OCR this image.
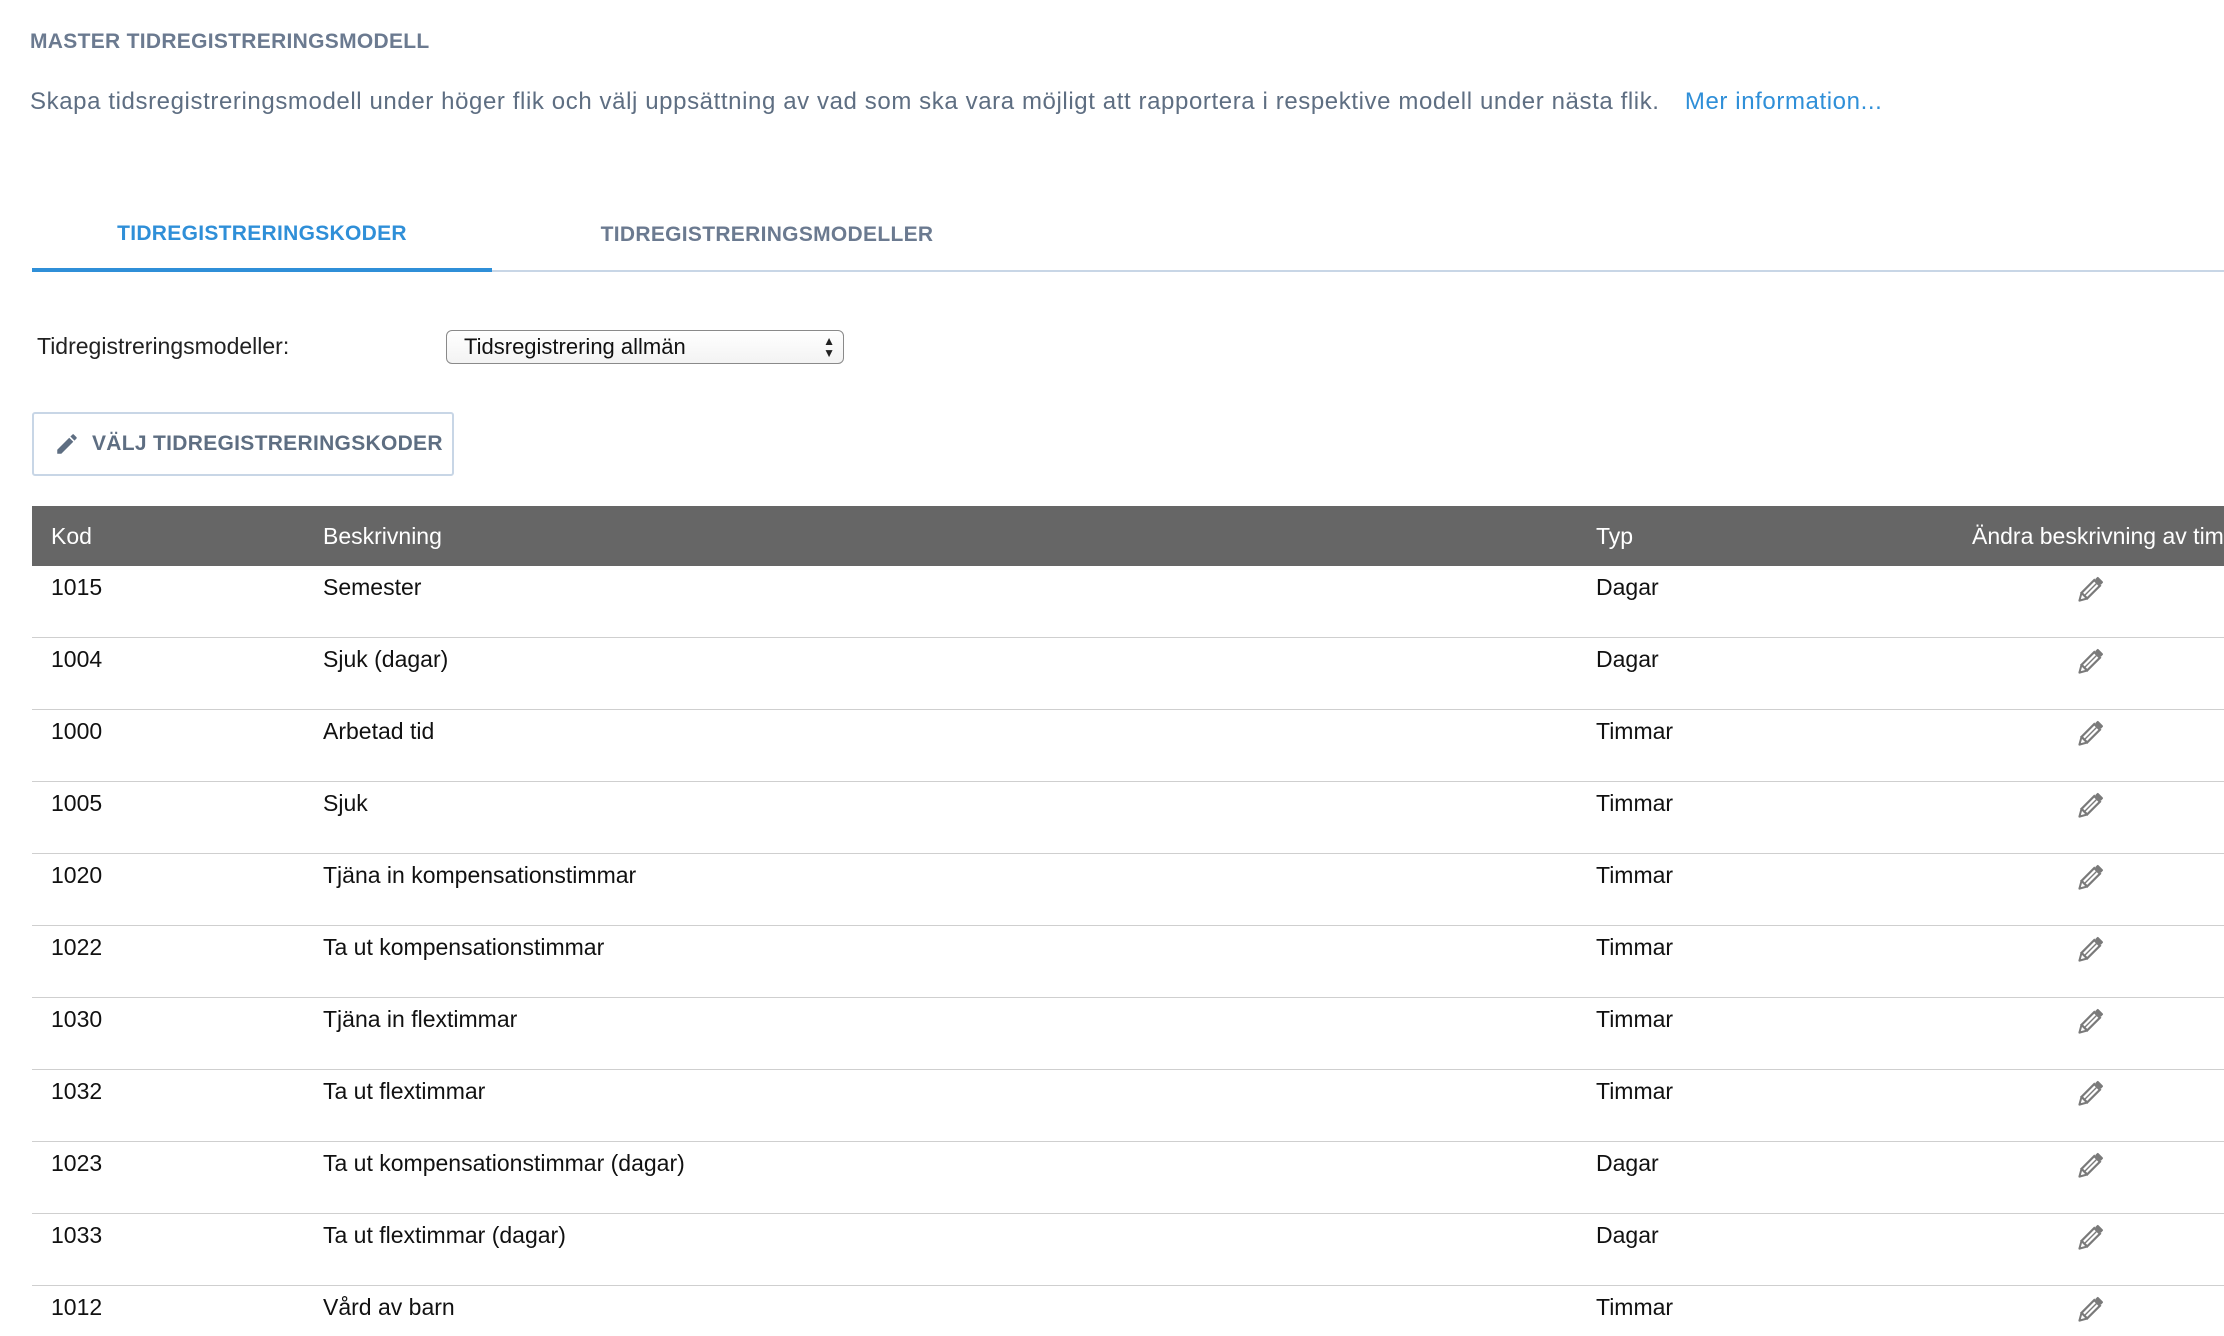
MASTER TIDREGISTRERINGSMODELL
Skapa tidsregistreringsmodell under höger flik och välj uppsättning av vad som ska vara möjligt att rapportera i respektive modell under nästa flik. Mer information...
TIDREGISTRERINGSKODER	TIDREGISTRERINGSMODELLER
Tidregistreringsmodeller:	Tidsregistrering allmän	▲
▼
VÄLJ TIDREGISTRERINGSKODER
Kod	Beskrivning	Typ	Ändra beskrivning av tim
1015	Semester	Dagar
1004	Sjuk (dagar)	Dagar
1000	Arbetad tid	Timmar
1005	Sjuk	Timmar
1020	Tjäna in kompensationstimmar	Timmar
1022	Ta ut kompensationstimmar	Timmar
1030	Tjäna in flextimmar	Timmar
1032	Ta ut flextimmar	Timmar
1023	Ta ut kompensationstimmar (dagar)	Dagar
1033	Ta ut flextimmar (dagar)	Dagar
1012	Vård av barn	Timmar
